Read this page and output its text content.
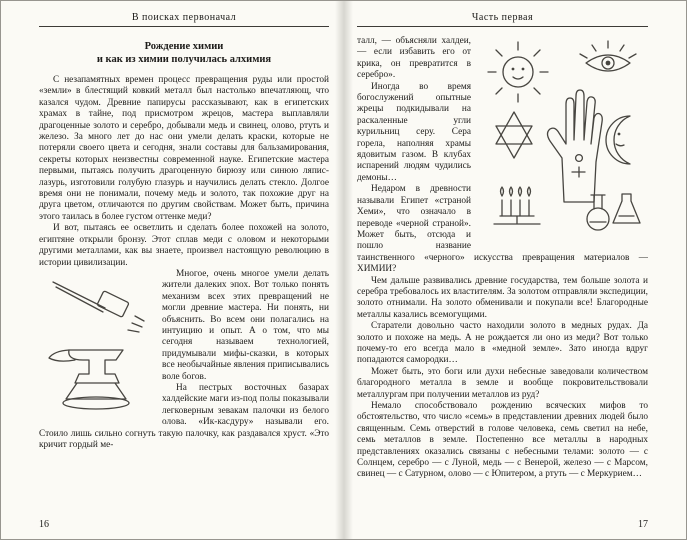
В поисках первоначал
Рождение химии
и как из химии получилась алхимия

С незапамятных времен процесс превращения руды или простой «земли» в блестящий ковкий металл был настолько впечатляющ, что казался чудом. Древние папирусы рассказывают, как в египетских храмах в тайне, под присмотром жрецов, мастера выплавляли драгоценные золото и серебро, добывали медь и свинец, олово, ртуть и железо. За много лет до нас они умели делать краски, которые не потеряли своего цвета и сегодня, знали составы для бальзамирования, секреты которых неизвестны современной науке. Египетские мастера первыми, пытаясь получить драгоценную бирюзу или синюю ляпис-лазурь, изготовили голубую глазурь и научились делать стекло. Долгое время они не понимали, почему медь и золото, так похожие друг на друга цветом, отличаются по другим свойствам. Может быть, причина этого таилась в более густом оттенке меди?

И вот, пытаясь ее осветлить и сделать более похожей на золото, египтяне открыли бронзу. Этот сплав меди с оловом и некоторыми другими металлами, как вы знаете, произвел настоящую революцию в истории цивилизации.

Многое, очень многое умели делать жители далеких эпох. Вот только понять механизм всех этих превращений не могли древние мастера. Ни понять, ни объяснить. Во всем они полагались на интуицию и опыт. А о том, что мы сегодня называем технологией, придумывали мифы-сказки, в которых все необычайные явления приписывались воле богов.

На пестрых восточных базарах халдейские маги из-под полы показывали легковерным зевакам палочки из белого олова. «Ик-касдуру» называли его. Стоило лишь сильно согнуть такую палочку, как раздавался хруст. «Это кричит гордый ме-

16
Часть первая

талл, — объясняли халдеи, — если избавить его от крика, он превратится в серебро».

Иногда во время богослужений опытные жрецы подкидывали на раскаленные угли курильниц серу. Сера горела, наполняя храмы ядовитым газом. В клубах испарений людям чудились демоны…

Недаром в древности называли Египет «страной Хеми», что означало в переводе «черной страной». Может быть, отсюда и пошло название таинственного «черного» искусства превращения материалов — ХИМИИ?

Чем дальше развивались древние государства, тем больше золота и серебра требовалось их властителям. За золотом отправляли экспедиции, золото отнимали. На золото обменивали и покупали все! Благородные металлы казались всемогущими.

Старатели довольно часто находили золото в медных рудах. Да золото и похоже на медь. А не рождается ли оно из меди? Вот только почему-то его всегда мало в «медной земле». Зато иногда вдруг попадаются самородки…

Может быть, это боги или духи небесные заведовали количеством благородного металла в земле и вообще покровительствовали металлургам при получении металлов из руд?

Немало способствовало рождению всяческих мифов то обстоятельство, что число «семь» в представлении древних людей было священным. Семь отверстий в голове человека, семь светил на небе, семь металлов в земле. Постепенно все металлы в народных представлениях оказались связаны с небесными телами: золото — с Солнцем, серебро — с Луной, медь — с Венерой, железо — с Марсом, свинец — с Сатурном, олово — с Юпитером, а ртуть — с Меркурием…

17
